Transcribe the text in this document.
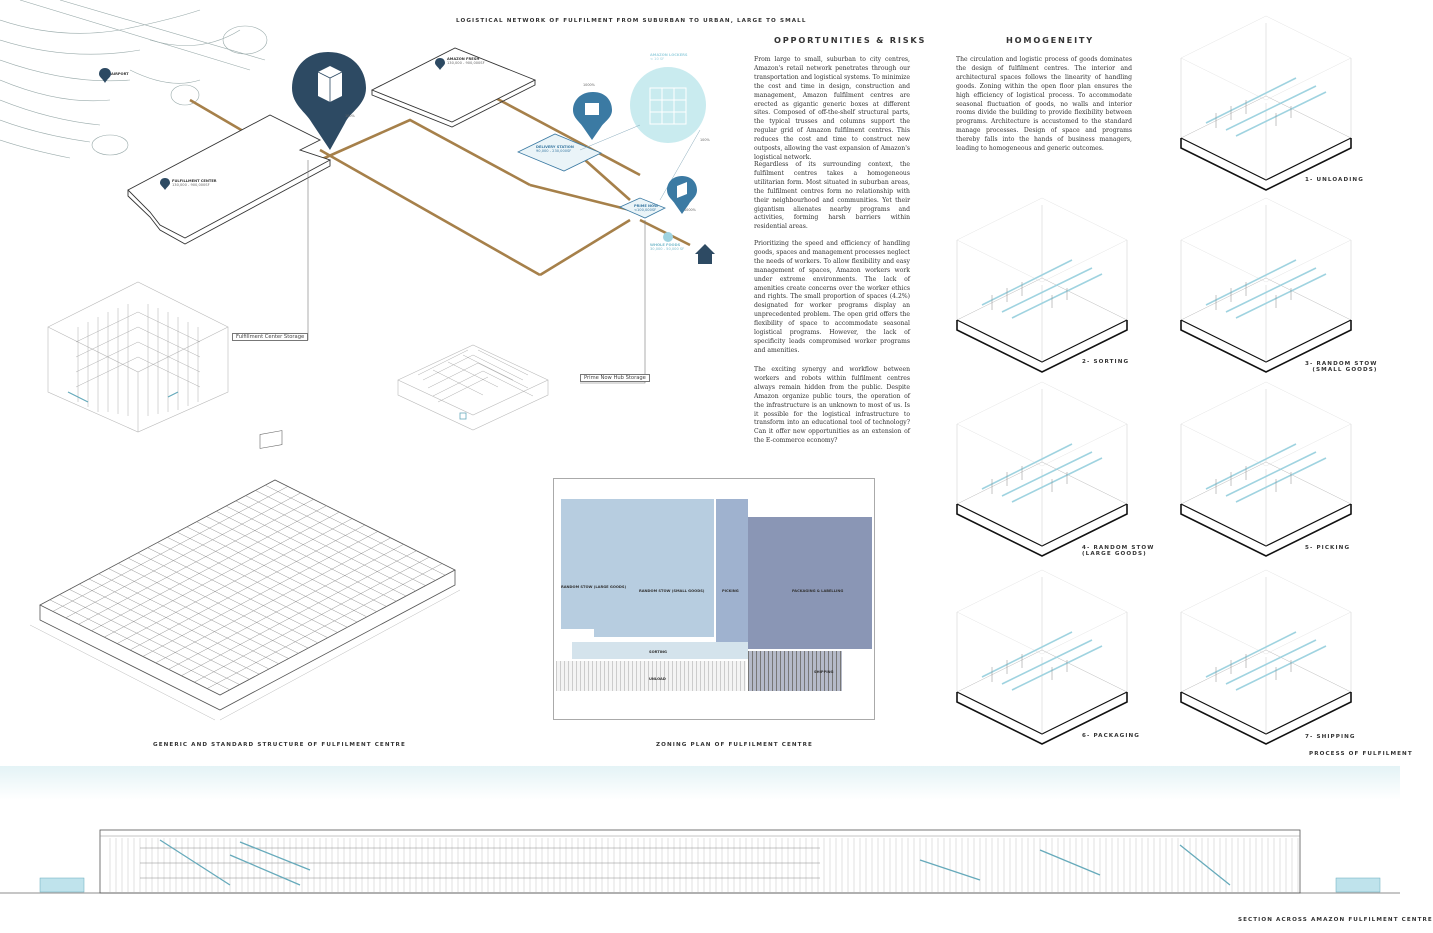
LOGISTICAL NETWORK OF FULFILMENT FROM SUBURBAN TO URBAN, LARGE TO SMALL
AIRPORT
FULFILLMENT CENTER
130,000 - 900,000SF
100%
AMAZON FRESH
130,000 - 900,000SF
AMAZON LOCKERS
< 10 SF
100%
DELIVERY STATION
90,000 - 230,000SF
1000%
PRIME NOW
<100,000SF	1000%
WHOLE FOODS
30,000 - 50,000 SF
Fulfillment Center Storage
Prime Now Hub Storage
GENERIC AND STANDARD STRUCTURE OF FULFILMENT CENTRE
RANDOM STOW (LARGE GOODS)
RANDOM STOW (SMALL GOODS)	PICKING	PACKAGING & LABELLING
SORTING
UNLOAD
SHIPPING
ZONING PLAN OF FULFILMENT CENTRE
OPPORTUNITIES & RISKS

From large to small, suburban to city centres, Amazon's retail network penetrates through our transportation and logistical systems. To minimize the cost and time in design, construction and management, Amazon fulfilment centres are erected as gigantic generic boxes at different sites. Composed of off-the-shelf structural parts, the typical trusses and columns support the regular grid of Amazon fulfilment centres. This reduces the cost and time to construct new outposts, allowing the vast expansion of Amazon's logistical network.

Regardless of its surrounding context, the fulfilment centres takes a homogeneous utilitarian form. Most situated in suburban areas, the fulfilment centres form no relationship with their neighbourhood and communities. Yet their gigantism alienates nearby programs and activities, forming harsh barriers within residential areas.

Prioritizing the speed and efficiency of handling goods, spaces and management processes neglect the needs of workers. To allow flexibility and easy management of spaces, Amazon workers work under extreme environments. The lack of amenities create concerns over the worker ethics and rights. The small proportion of spaces (4.2%) designated for worker programs display an unprecedented problem. The open grid offers the flexibility of space to accommodate seasonal logistical programs. However, the lack of specificity leads compromised worker programs and amenities.

The exciting synergy and workflow between workers and robots within fulfilment centres always remain hidden from the public. Despite Amazon organize public tours, the operation of the infrastructure is an unknown to most of us. Is it possible for the logistical infrastructure to transform into an educational tool of technology? Can it offer new opportunities as an extension of the E-commerce economy?

HOMOGENEITY

The circulation and logistic process of goods dominates the design of fulfilment centres. The interior and architectural spaces follows the linearity of handling goods. Zoning within the open floor plan ensures the high efficiency of logistical process. To accommodate seasonal fluctuation of goods, no walls and interior rooms divide the building to provide flexibility between programs. Architecture is accustomed to the standard manage processes. Design of space and programs thereby falls into the hands of business managers, leading to homogeneous and generic outcomes.

1- UNLOADING
2- SORTING	3- RANDOM STOW
(SMALL GOODS)
4- RANDOM STOW
(LARGE GOODS)
5- PICKING
6- PACKAGING	7- SHIPPING
PROCESS OF FULFILMENT
SECTION ACROSS AMAZON FULFILMENT CENTRE
